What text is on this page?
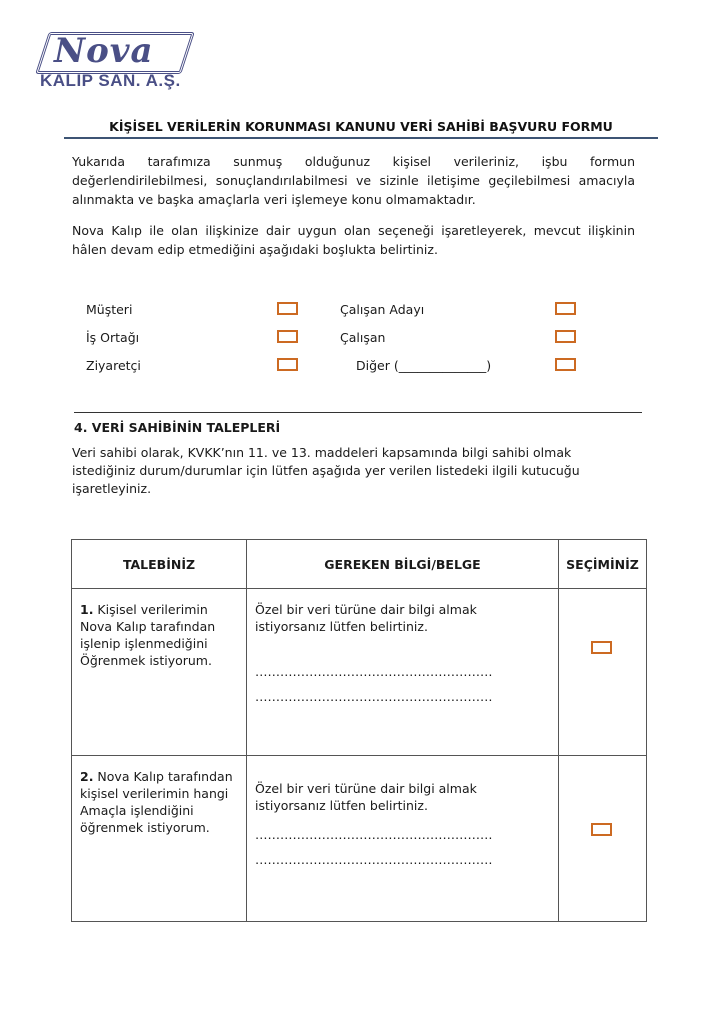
Nova
KALIP SAN. A.Ş.
KİŞİSEL VERİLERİN KORUNMASI KANUNU VERİ SAHİBİ BAŞVURU FORMU
Yukarıda tarafımıza sunmuş olduğunuz kişisel verileriniz, işbu formun değerlendirilebilmesi, sonuçlandırılabilmesi ve sizinle iletişime geçilebilmesi amacıyla alınmakta ve başka amaçlarla veri işlemeye konu olmamaktadır.
Nova Kalıp ile olan ilişkinize dair uygun olan seçeneği işaretleyerek, mevcut ilişkinin hâlen devam edip etmediğini aşağıdaki boşlukta belirtiniz.
Müşteri	Çalışan Adayı
İş Ortağı	Çalışan
Ziyaretçi	Diğer (______________)
4. VERİ SAHİBİNİN TALEPLERİ
Veri sahibi olarak, KVKK’nın 11. ve 13. maddeleri kapsamında bilgi sahibi olmak istediğiniz durum/durumlar için lütfen aşağıda yer verilen listedeki ilgili kutucuğu işaretleyiniz.
TALEBİNİZ	GEREKEN BİLGİ/BELGE	SEÇİMİNİZ
1. Kişisel verilerimin Nova Kalıp tarafından işlenip işlenmediğini Öğrenmek istiyorum.	Özel bir veri türüne dair bilgi almak istiyorsanız lütfen belirtiniz.
…………………………………………………
…………………………………………………	

2. Nova Kalıp tarafından kişisel verilerimin hangi Amaçla işlendiğini öğrenmek istiyorum.	Özel bir veri türüne dair bilgi almak istiyorsanız lütfen belirtiniz.
…………………………………………………
…………………………………………………	
